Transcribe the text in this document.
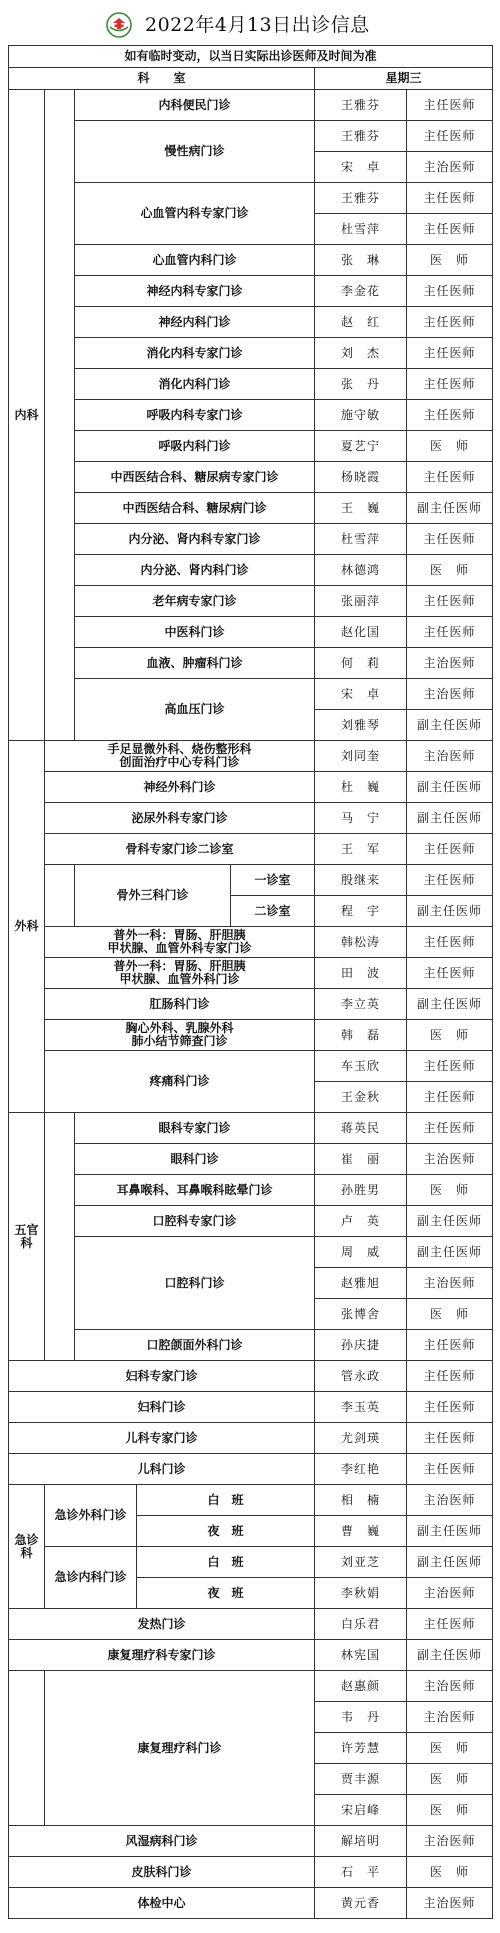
2022年4月13日出诊信息
如有临时变动，以当日实际出诊医师及时间为准						
科　　室					星期三	
内科		内科便民门诊			王雅芬	主任医师
		慢性病门诊			王雅芬	主任医师
					宋　卓	主治医师
		心血管内科专家门诊			王雅芬	主任医师
					杜雪萍	主任医师
		心血管内科门诊			张　琳	医　师
		神经内科专家门诊			李金花	主任医师
		神经内科门诊			赵　红	主任医师
		消化内科专家门诊			刘　杰	主任医师
		消化内科门诊			张　丹	主任医师
		呼吸内科专家门诊			施守敏	主任医师
		呼吸内科门诊			夏艺宁	医　师
		中西医结合科、糖尿病专家门诊			杨晓霞	主任医师
		中西医结合科、糖尿病门诊			王　巍	副主任医师
		内分泌、肾内科专家门诊			杜雪萍	主任医师
		内分泌、肾内科门诊			林德鸿	医　师
		老年病专家门诊			张丽萍	主任医师
		中医科门诊			赵化国	主任医师
		血液、肿瘤科门诊			何　莉	主治医师
		高血压门诊			宋　卓	主治医师
					刘雅琴	副主任医师
外科	手足显微外科、烧伤整形科
创面治疗中心专科门诊				刘同奎	主治医师
	神经外科门诊				杜　巍	副主任医师
	泌尿外科专家门诊				马　宁	副主任医师
	骨科专家门诊二诊室				王　军	主任医师
		骨外三科门诊		一诊室	殷继来	主任医师
				二诊室	程　宇	副主任医师
	普外一科：胃肠、肝胆胰
甲状腺、血管外科专家门诊				韩松涛	主任医师
	普外一科：胃肠、肝胆胰
甲状腺、血管外科门诊				田　波	主任医师
	肛肠科门诊				李立英	副主任医师
	胸心外科、乳腺外科
肺小结节筛查门诊				韩　磊	医　师
	疼痛科门诊				车玉欣	主任医师
					王金秋	主任医师
五官科		眼科专家门诊			蒋英民	主任医师
		眼科门诊			崔　丽	主治医师
		耳鼻喉科、耳鼻喉科眩晕门诊			孙胜男	医　师
		口腔科专家门诊			卢　英	副主任医师
		口腔科门诊			周　威	副主任医师
					赵雅旭	主治医师
					张博舍	医　师
		口腔颌面外科门诊			孙庆捷	主任医师
妇科专家门诊					管永政	主任医师
妇科门诊					李玉英	主任医师
儿科专家门诊					尤剑瑛	主任医师
儿科门诊					李红艳	主任医师
急诊科	急诊外科门诊		白　班		相　楠	主治医师
			夜　班		曹　巍	副主任医师
	急诊内科门诊		白　班		刘亚芝	副主任医师
			夜　班		李秋娟	主治医师
发热门诊					白乐君	主任医师
康复理疗科专家门诊					林宪国	副主任医师
	康复理疗科门诊				赵惠颜	主治医师
					韦　丹	主治医师
					许芳慧	医　师
					贾丰源	医　师
					宋启峰	医　师
风湿病科门诊					解培明	主治医师
皮肤科门诊					石　平	医　师
体检中心					黄元香	主治医师
